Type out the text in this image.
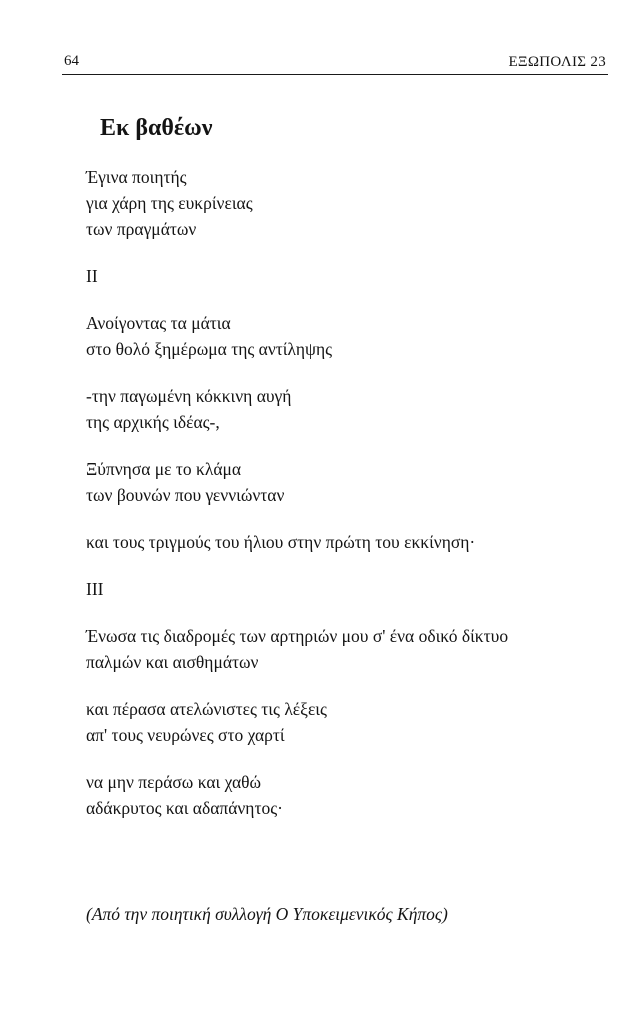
64	ΕΞΩΠΟΛΙΣ 23
Εκ βαθέων
Έγινα ποιητής
για χάρη της ευκρίνειας
των πραγμάτων
II
Ανοίγοντας τα μάτια
στο θολό ξημέρωμα της αντίληψης
-την παγωμένη κόκκινη αυγή
της αρχικής ιδέας-,
Ξύπνησα με το κλάμα
των βουνών που γεννιώνταν
και τους τριγμούς του ήλιου στην πρώτη του εκκίνηση·
III
Ένωσα τις διαδρομές των αρτηριών μου σ' ένα οδικό δίκτυο
παλμών και αισθημάτων
και πέρασα ατελώνιστες τις λέξεις
απ' τους νευρώνες στο χαρτί
να μην περάσω και χαθώ
αδάκρυτος και αδαπάνητος·
(Από την ποιητική συλλογή Ο Υποκειμενικός Κήπος)
